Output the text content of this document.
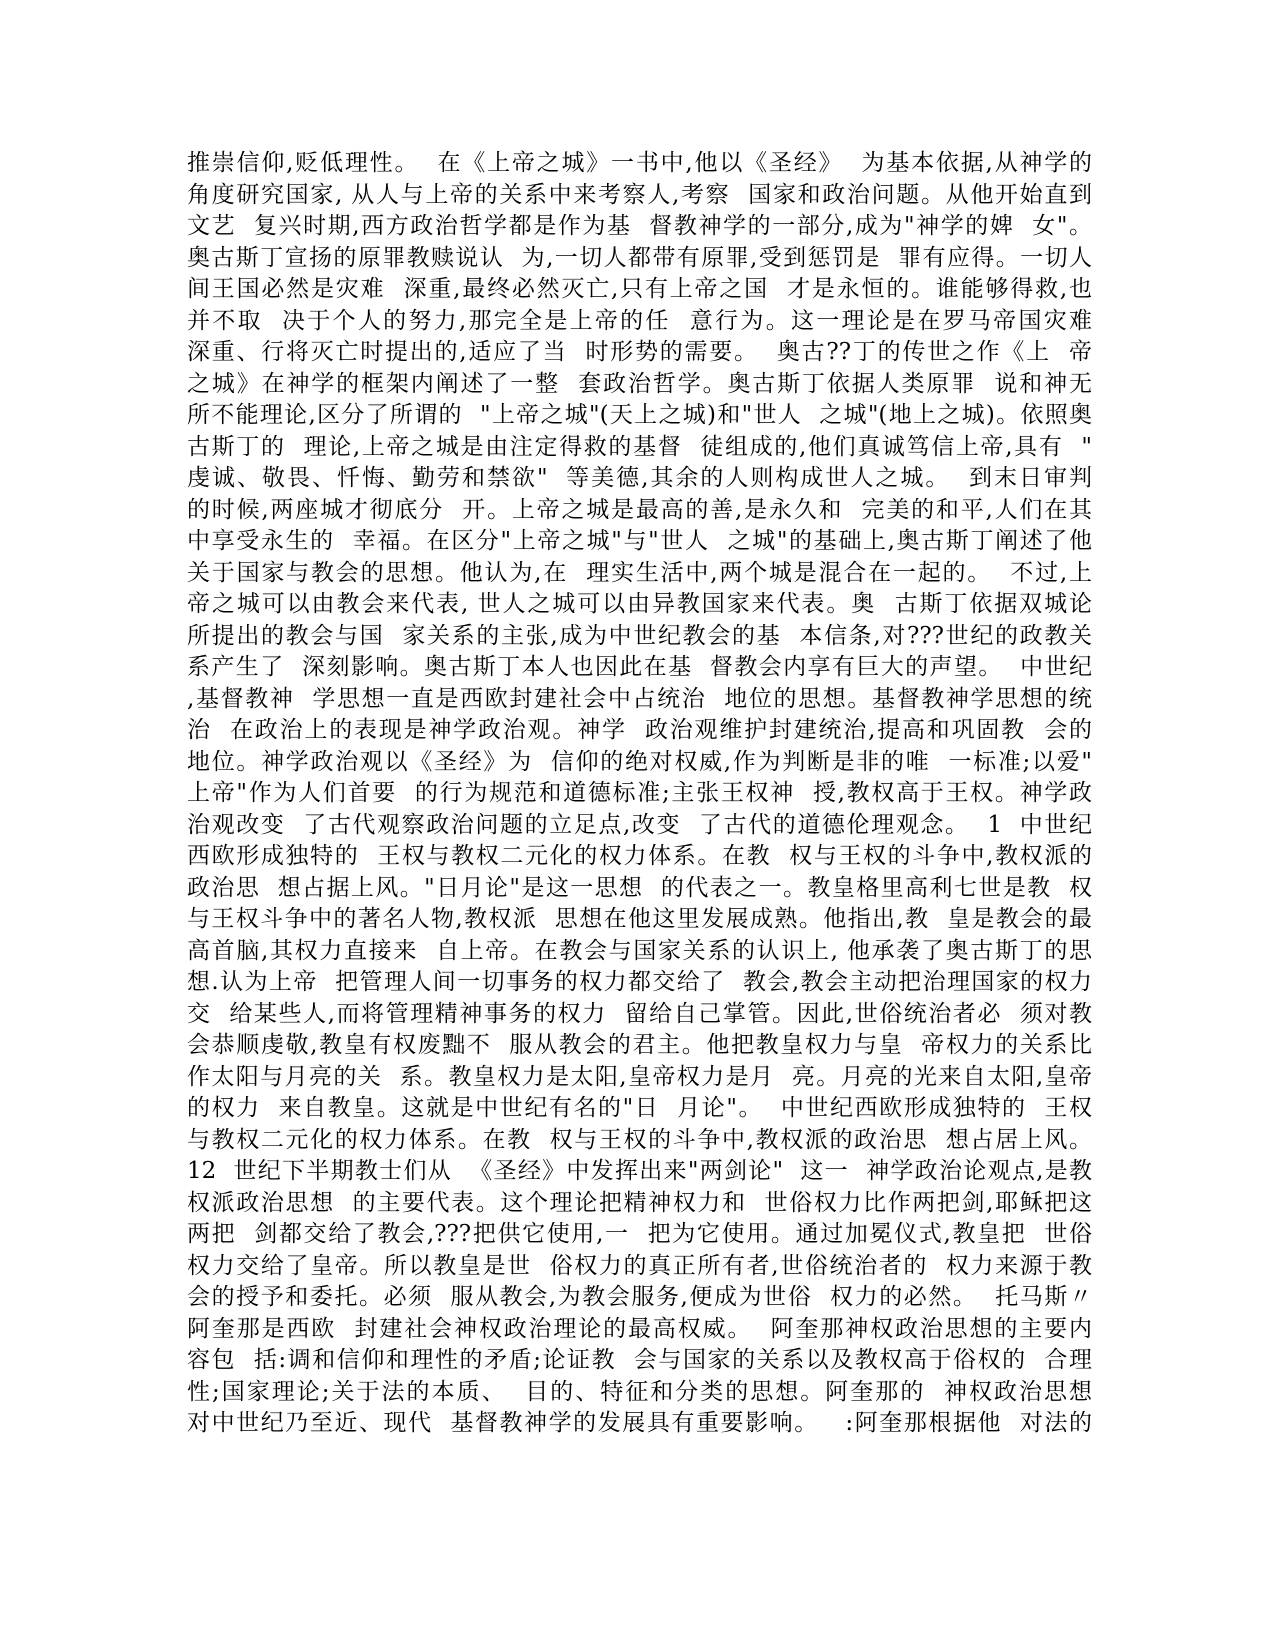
推崇信仰,贬低理性。  在《上帝之城》一书中,他以《圣经》  为基本依据,从神学的
角度研究国家, 从人与上帝的关系中来考察人,考察  国家和政治问题。从他开始直到
文艺  复兴时期,西方政治哲学都是作为基  督教神学的一部分,成为"神学的婢  女"。
奥古斯丁宣扬的原罪教赎说认  为,一切人都带有原罪,受到惩罚是  罪有应得。一切人
间王国必然是灾难  深重,最终必然灭亡,只有上帝之国  才是永恒的。谁能够得救,也
并不取  决于个人的努力,那完全是上帝的任  意行为。这一理论是在罗马帝国灾难
深重、行将灭亡时提出的,适应了当  时形势的需要。  奥古??丁的传世之作《上  帝
之城》在神学的框架内阐述了一整  套政治哲学。奥古斯丁依据人类原罪  说和神无
所不能理论,区分了所谓的  "上帝之城"(天上之城)和"世人  之城"(地上之城)。依照奥
古斯丁的  理论,上帝之城是由注定得救的基督  徒组成的,他们真诚笃信上帝,具有  "
虔诚、敬畏、忏悔、勤劳和禁欲"  等美德,其余的人则构成世人之城。  到末日审判
的时候,两座城才彻底分  开。上帝之城是最高的善,是永久和  完美的和平,人们在其
中享受永生的  幸福。在区分"上帝之城"与"世人  之城"的基础上,奥古斯丁阐述了他
关于国家与教会的思想。他认为,在  理实生活中,两个城是混合在一起的。  不过,上
帝之城可以由教会来代表, 世人之城可以由异教国家来代表。奥  古斯丁依据双城论
所提出的教会与国  家关系的主张,成为中世纪教会的基  本信条,对???世纪的政教关
系产生了  深刻影响。奥古斯丁本人也因此在基  督教会内享有巨大的声望。  中世纪
,基督教神  学思想一直是西欧封建社会中占统治  地位的思想。基督教神学思想的统
治  在政治上的表现是神学政治观。神学  政治观维护封建统治,提高和巩固教  会的
地位。神学政治观以《圣经》为  信仰的绝对权威,作为判断是非的唯  一标准;以爱"
上帝"作为人们首要  的行为规范和道德标准;主张王权神  授,教权高于王权。神学政
治观改变  了古代观察政治问题的立足点,改变  了古代的道德伦理观念。  1  中世纪
西欧形成独特的  王权与教权二元化的权力体系。在教  权与王权的斗争中,教权派的
政治思  想占据上风。"日月论"是这一思想  的代表之一。教皇格里高利七世是教  权
与王权斗争中的著名人物,教权派  思想在他这里发展成熟。他指出,教  皇是教会的最
高首脑,其权力直接来  自上帝。在教会与国家关系的认识上, 他承袭了奥古斯丁的思
想.认为上帝  把管理人间一切事务的权力都交给了  教会,教会主动把治理国家的权力
交  给某些人,而将管理精神事务的权力  留给自己掌管。因此,世俗统治者必  须对教
会恭顺虔敬,教皇有权废黜不  服从教会的君主。他把教皇权力与皇  帝权力的关系比
作太阳与月亮的关  系。教皇权力是太阳,皇帝权力是月  亮。月亮的光来自太阳,皇帝
的权力  来自教皇。这就是中世纪有名的"日  月论"。  中世纪西欧形成独特的  王权
与教权二元化的权力体系。在教  权与王权的斗争中,教权派的政治思  想占居上风。
12  世纪下半期教士们从  《圣经》中发挥出来"两剑论"  这一  神学政治论观点,是教
权派政治思想  的主要代表。这个理论把精神权力和  世俗权力比作两把剑,耶稣把这
两把  剑都交给了教会,???把供它使用,一  把为它使用。通过加冕仪式,教皇把  世俗
权力交给了皇帝。所以教皇是世  俗权力的真正所有者,世俗统治者的  权力来源于教
会的授予和委托。必须  服从教会,为教会服务,便成为世俗  权力的必然。  托马斯〃
阿奎那是西欧  封建社会神权政治理论的最高权威。  阿奎那神权政治思想的主要内
容包  括:调和信仰和理性的矛盾;论证教  会与国家的关系以及教权高于俗权的  合理
性;国家理论;关于法的本质、  目的、特征和分类的思想。阿奎那的  神权政治思想
对中世纪乃至近、现代  基督教神学的发展具有重要影响。   :阿奎那根据他  对法的
